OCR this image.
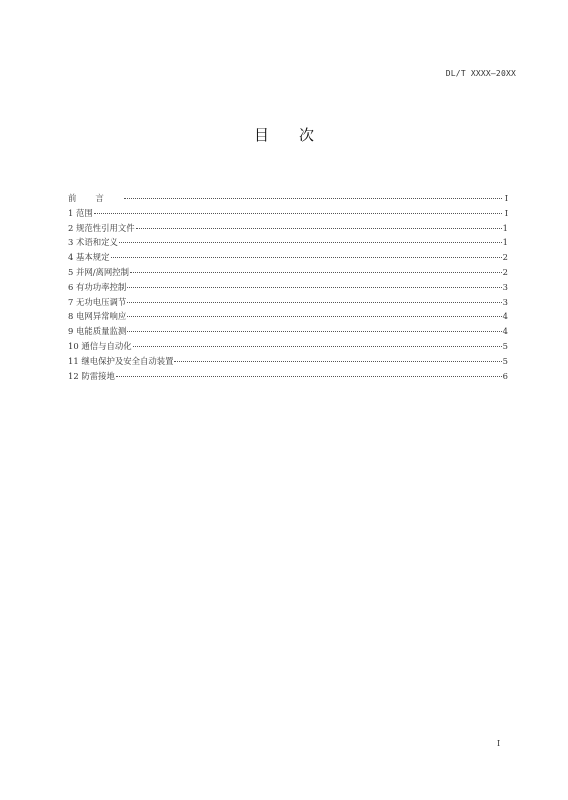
DL/T XXXX—20XX
目次
前言	I
1 范围	I
2 规范性引用文件	1
3 术语和定义	1
4 基本规定	2
5 并网/离网控制	2
6 有功功率控制	3
7 无功电压调节	3
8 电网异常响应	4
9 电能质量监测	4
10 通信与自动化	5
11 继电保护及安全自动装置	5
12 防雷接地	6
I
